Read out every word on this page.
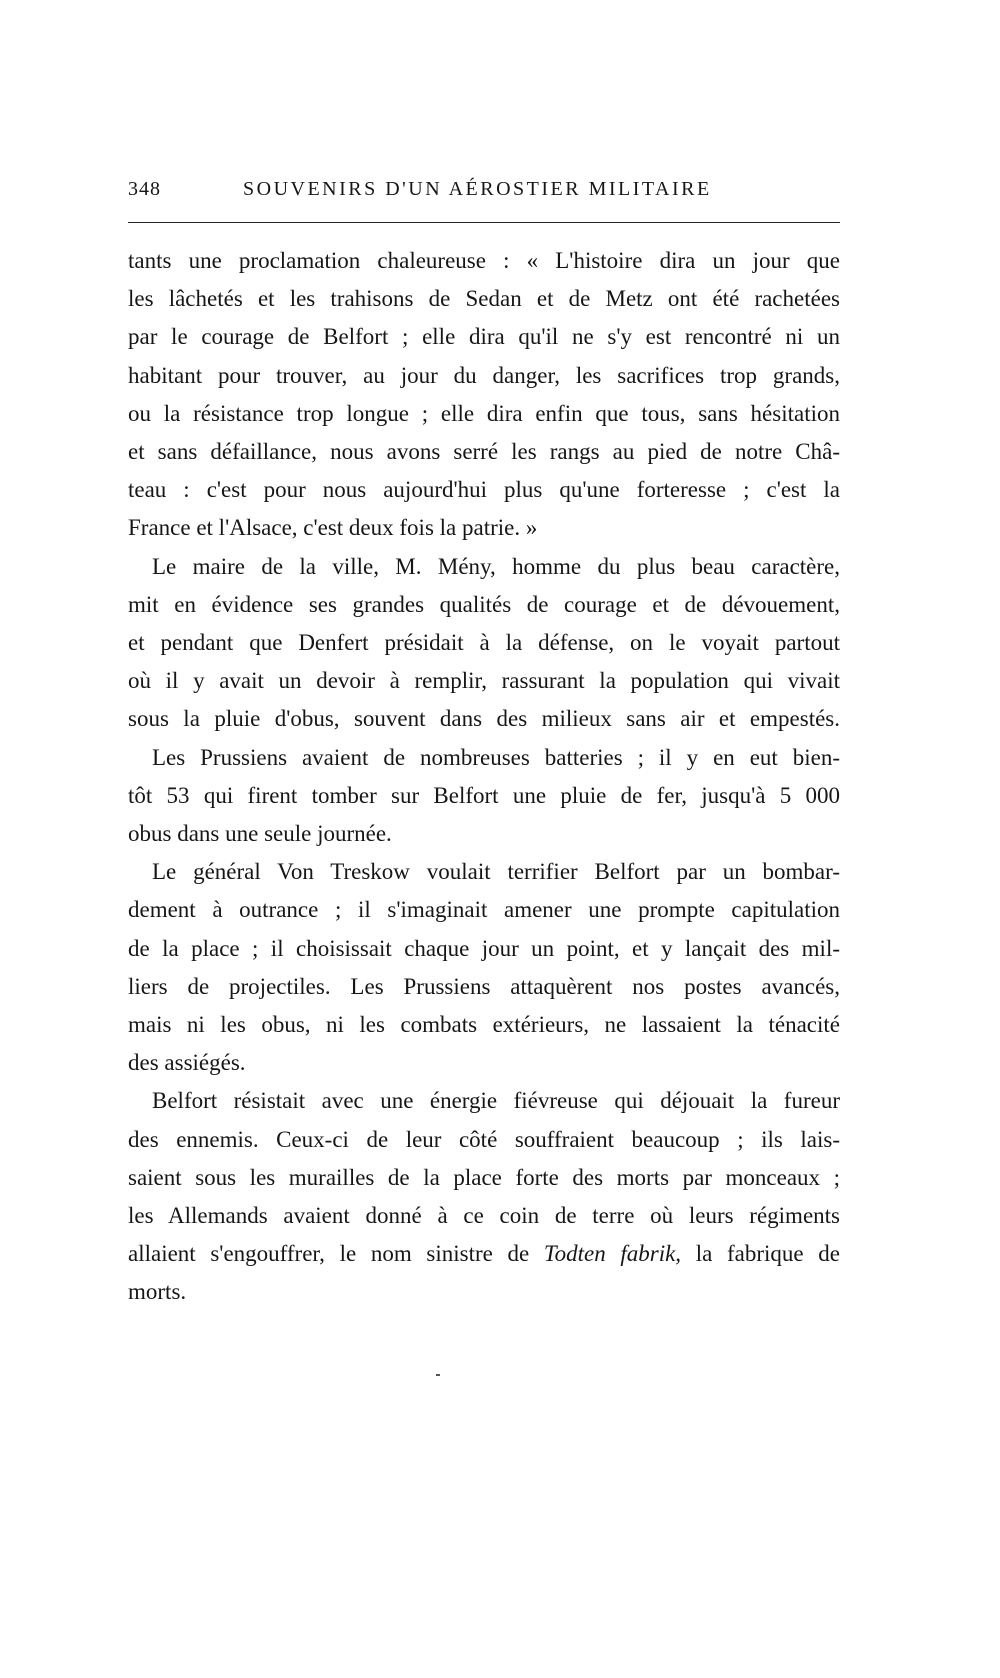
348	SOUVENIRS D'UN AÉROSTIER MILITAIRE
tants une proclamation chaleureuse : « L'histoire dira un jour que
les lâchetés et les trahisons de Sedan et de Metz ont été rachetées
par le courage de Belfort ; elle dira qu'il ne s'y est rencontré ni un
habitant pour trouver, au jour du danger, les sacrifices trop grands,
ou la résistance trop longue ; elle dira enfin que tous, sans hésitation
et sans défaillance, nous avons serré les rangs au pied de notre Châ-
teau : c'est pour nous aujourd'hui plus qu'une forteresse ; c'est la
France et l'Alsace, c'est deux fois la patrie. »
Le maire de la ville, M. Mény, homme du plus beau caractère,
mit en évidence ses grandes qualités de courage et de dévouement,
et pendant que Denfert présidait à la défense, on le voyait partout
où il y avait un devoir à remplir, rassurant la population qui vivait
sous la pluie d'obus, souvent dans des milieux sans air et empestés.
Les Prussiens avaient de nombreuses batteries ; il y en eut bien-
tôt 53 qui firent tomber sur Belfort une pluie de fer, jusqu'à 5 000
obus dans une seule journée.
Le général Von Treskow voulait terrifier Belfort par un bombar-
dement à outrance ; il s'imaginait amener une prompte capitulation
de la place ; il choisissait chaque jour un point, et y lançait des mil-
liers de projectiles. Les Prussiens attaquèrent nos postes avancés,
mais ni les obus, ni les combats extérieurs, ne lassaient la ténacité
des assiégés.
Belfort résistait avec une énergie fiévreuse qui déjouait la fureur
des ennemis. Ceux-ci de leur côté souffraient beaucoup ; ils lais-
saient sous les murailles de la place forte des morts par monceaux ;
les Allemands avaient donné à ce coin de terre où leurs régiments
allaient s'engouffrer, le nom sinistre de Todten fabrik, la fabrique de
morts.
